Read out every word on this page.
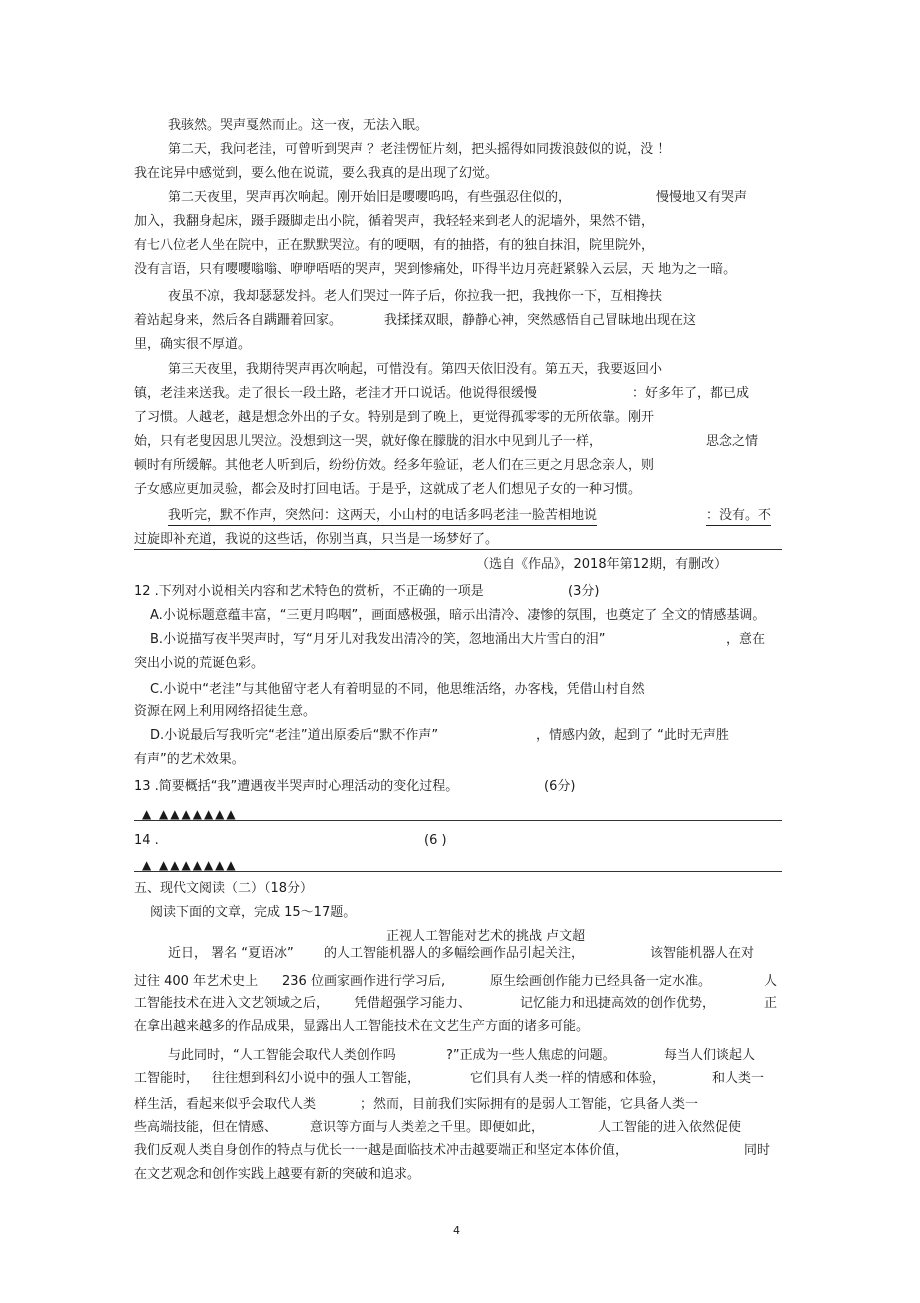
我骇然。哭声戛然而止。这一夜，无法入眠。
第二天，我问老洼，可曾听到哭声 ？老洼愣怔片刻，把头摇得如同拨浪鼓似的说，没 ！
我在诧异中感觉到，要么他在说谎，要么我真的是出现了幻觉。
第二天夜里，哭声再次响起。刚开始旧是嘤嘤呜呜，有些强忍住似的，	慢慢地又有哭声
加入，我翻身起床，蹑手蹑脚走出小院，循着哭声，我轻轻来到老人的泥墙外，果然不错，
有七八位老人坐在院中，正在默默哭泣。有的哽咽，有的抽搭，有的独自抹泪，院里院外，
没有言语，只有嘤嘤嗡嗡、咿咿唔唔的哭声，哭到惨痛处，吓得半边月亮赶紧躲入云层，天 地为之一暗。
夜虽不凉，我却瑟瑟发抖。老人们哭过一阵子后，你拉我一把，我拽你一下，互相搀扶
着站起身来，然后各自蹒跚着回家。	我揉揉双眼，静静心神，突然感悟自己冒昧地出现在这
里，确实很不厚道。
第三天夜里，我期待哭声再次响起，可惜没有。第四天依旧没有。第五天，我要返回小
镇，老洼来送我。走了很长一段土路，老洼才开口说话。他说得很缓慢	：好多年了，都已成
了习惯。人越老，越是想念外出的子女。特别是到了晚上，更觉得孤零零的无所依靠。刚开
始，只有老叟因思儿哭泣。没想到这一哭，就好像在朦胧的泪水中见到儿子一样，	思念之情
顿时有所缓解。其他老人听到后，纷纷仿效。经多年验证，老人们在三更之月思念亲人，则
子女感应更加灵验，都会及时打回电话。于是乎，这就成了老人们想见子女的一种习惯。
我听完，默不作声，突然问：这两天，小山村的电话多吗老洼一脸苦相地说	：没有。不
过旋即补充道，我说的这些话，你别当真，只当是一场梦好了。
（选自《作品》，2018年第12期，有删改）
12 .下列对小说相关内容和艺术特色的赏析，不正确的一项是	(3分)
A.小说标题意蕴丰富，“三更月呜咽”，画面感极强，暗示出清冷、凄惨的氛围，也奠定了 全文的情感基调。
B.小说描写夜半哭声时，写“月牙儿对我发出清冷的笑，忽地涌出大片雪白的泪”	，意在
突出小说的荒诞色彩。
C.小说中“老洼”与其他留守老人有着明显的不同，他思维活络，办客栈，凭借山村自然
资源在网上利用网络招徒生意。
D.小说最后写我听完“老洼”道出原委后“默不作声”	，情感内敛，起到了 “此时无声胜
有声”的艺术效果。
13 .简要概括“我”遭遇夜半哭声时心理活动的变化过程。	(6分)
▲ ▲▲▲▲▲▲▲
14 .	(6 )
▲ ▲▲▲▲▲▲▲
五、现代文阅读（二）（18分）
阅读下面的文章，完成 15～17题。
正视人工智能对艺术的挑战 卢文超
近日， 署名 “夏语冰” 的人工智能机器人的多幅绘画作品引起关注，	该智能机器人在对
过往 400 年艺术史上 236 位画家画作进行学习后,	原生绘画创作能力已经具备一定水准。	人
工智能技术在进入文艺领域之后， 凭借超强学习能力、	记忆能力和迅捷高效的创作优势，	正
在拿出越来越多的作品成果，显露出人工智能技术在文艺生产方面的诸多可能。
与此同时，“人工智能会取代人类创作吗	?”正成为一些人焦虑的问题。	每当人们谈起人
工智能时， 往往想到科幻小说中的强人工智能，	它们具有人类一样的情感和体验，	和人类一
样生活，看起来似乎会取代人类	；然而，目前我们实际拥有的是弱人工智能，它具备人类一
些高端技能，但在情感、	意识等方面与人类差之千里。即便如此，	人工智能的进入依然促使
我们反观人类自身创作的特点与优长一一越是面临技术冲击越要端正和坚定本体价值，	同时
在文艺观念和创作实践上越要有新的突破和追求。
4
